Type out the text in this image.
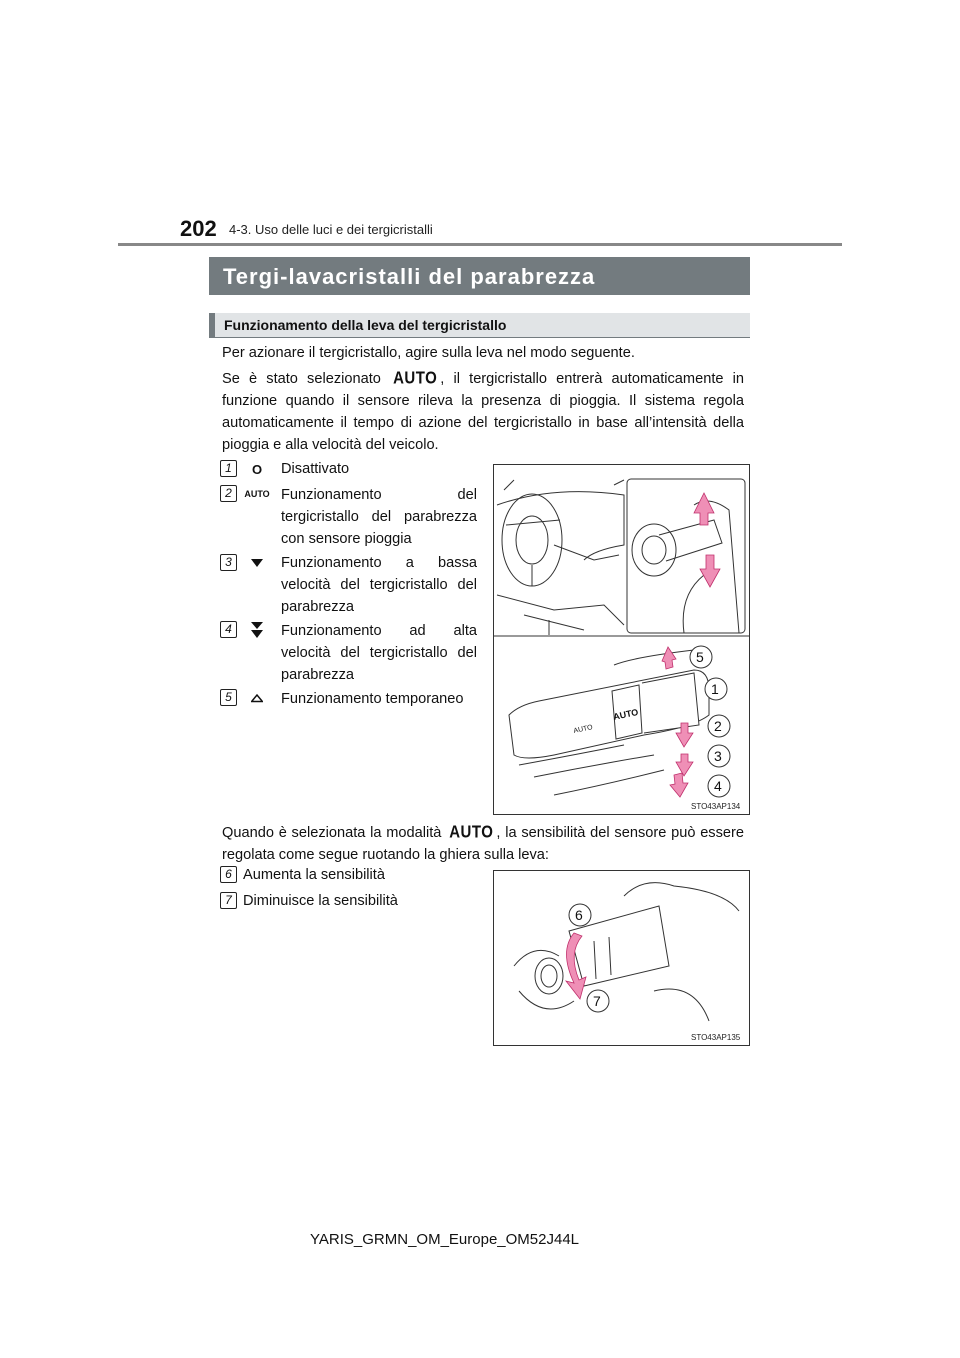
202 4-3. Uso delle luci e dei tergicristalli
Tergi-lavacristalli del parabrezza
Funzionamento della leva del tergicristallo
Per azionare il tergicristallo, agire sulla leva nel modo seguente.
Se è stato selezionato AUTO , il tergicristallo entrerà automaticamente in funzione quando il sensore rileva la presenza di pioggia. Il sistema regola automaticamente il tempo di azione del tergicristallo in base all’intensità della pioggia e alla velocità del veicolo.
1	O	Disattivato
2	AUTO Funzionamento del tergicristallo del parabrezza con sensore pioggia
3	Funzionamento a bassa velocità del tergicristallo del parabrezza
4	Funzionamento ad alta velocità del tergicristallo del parabrezza
5	Funzionamento temporaneo
AUTO
AUTO
5
1
2
3
4
STO43AP134
Quando è selezionata la modalità AUTO , la sensibilità del sensore può essere regolata come segue ruotando la ghiera sulla leva:
6 Aumenta la sensibilità
7 Diminuisce la sensibilità
6
7
STO43AP135
YARIS_GRMN_OM_Europe_OM52J44L
